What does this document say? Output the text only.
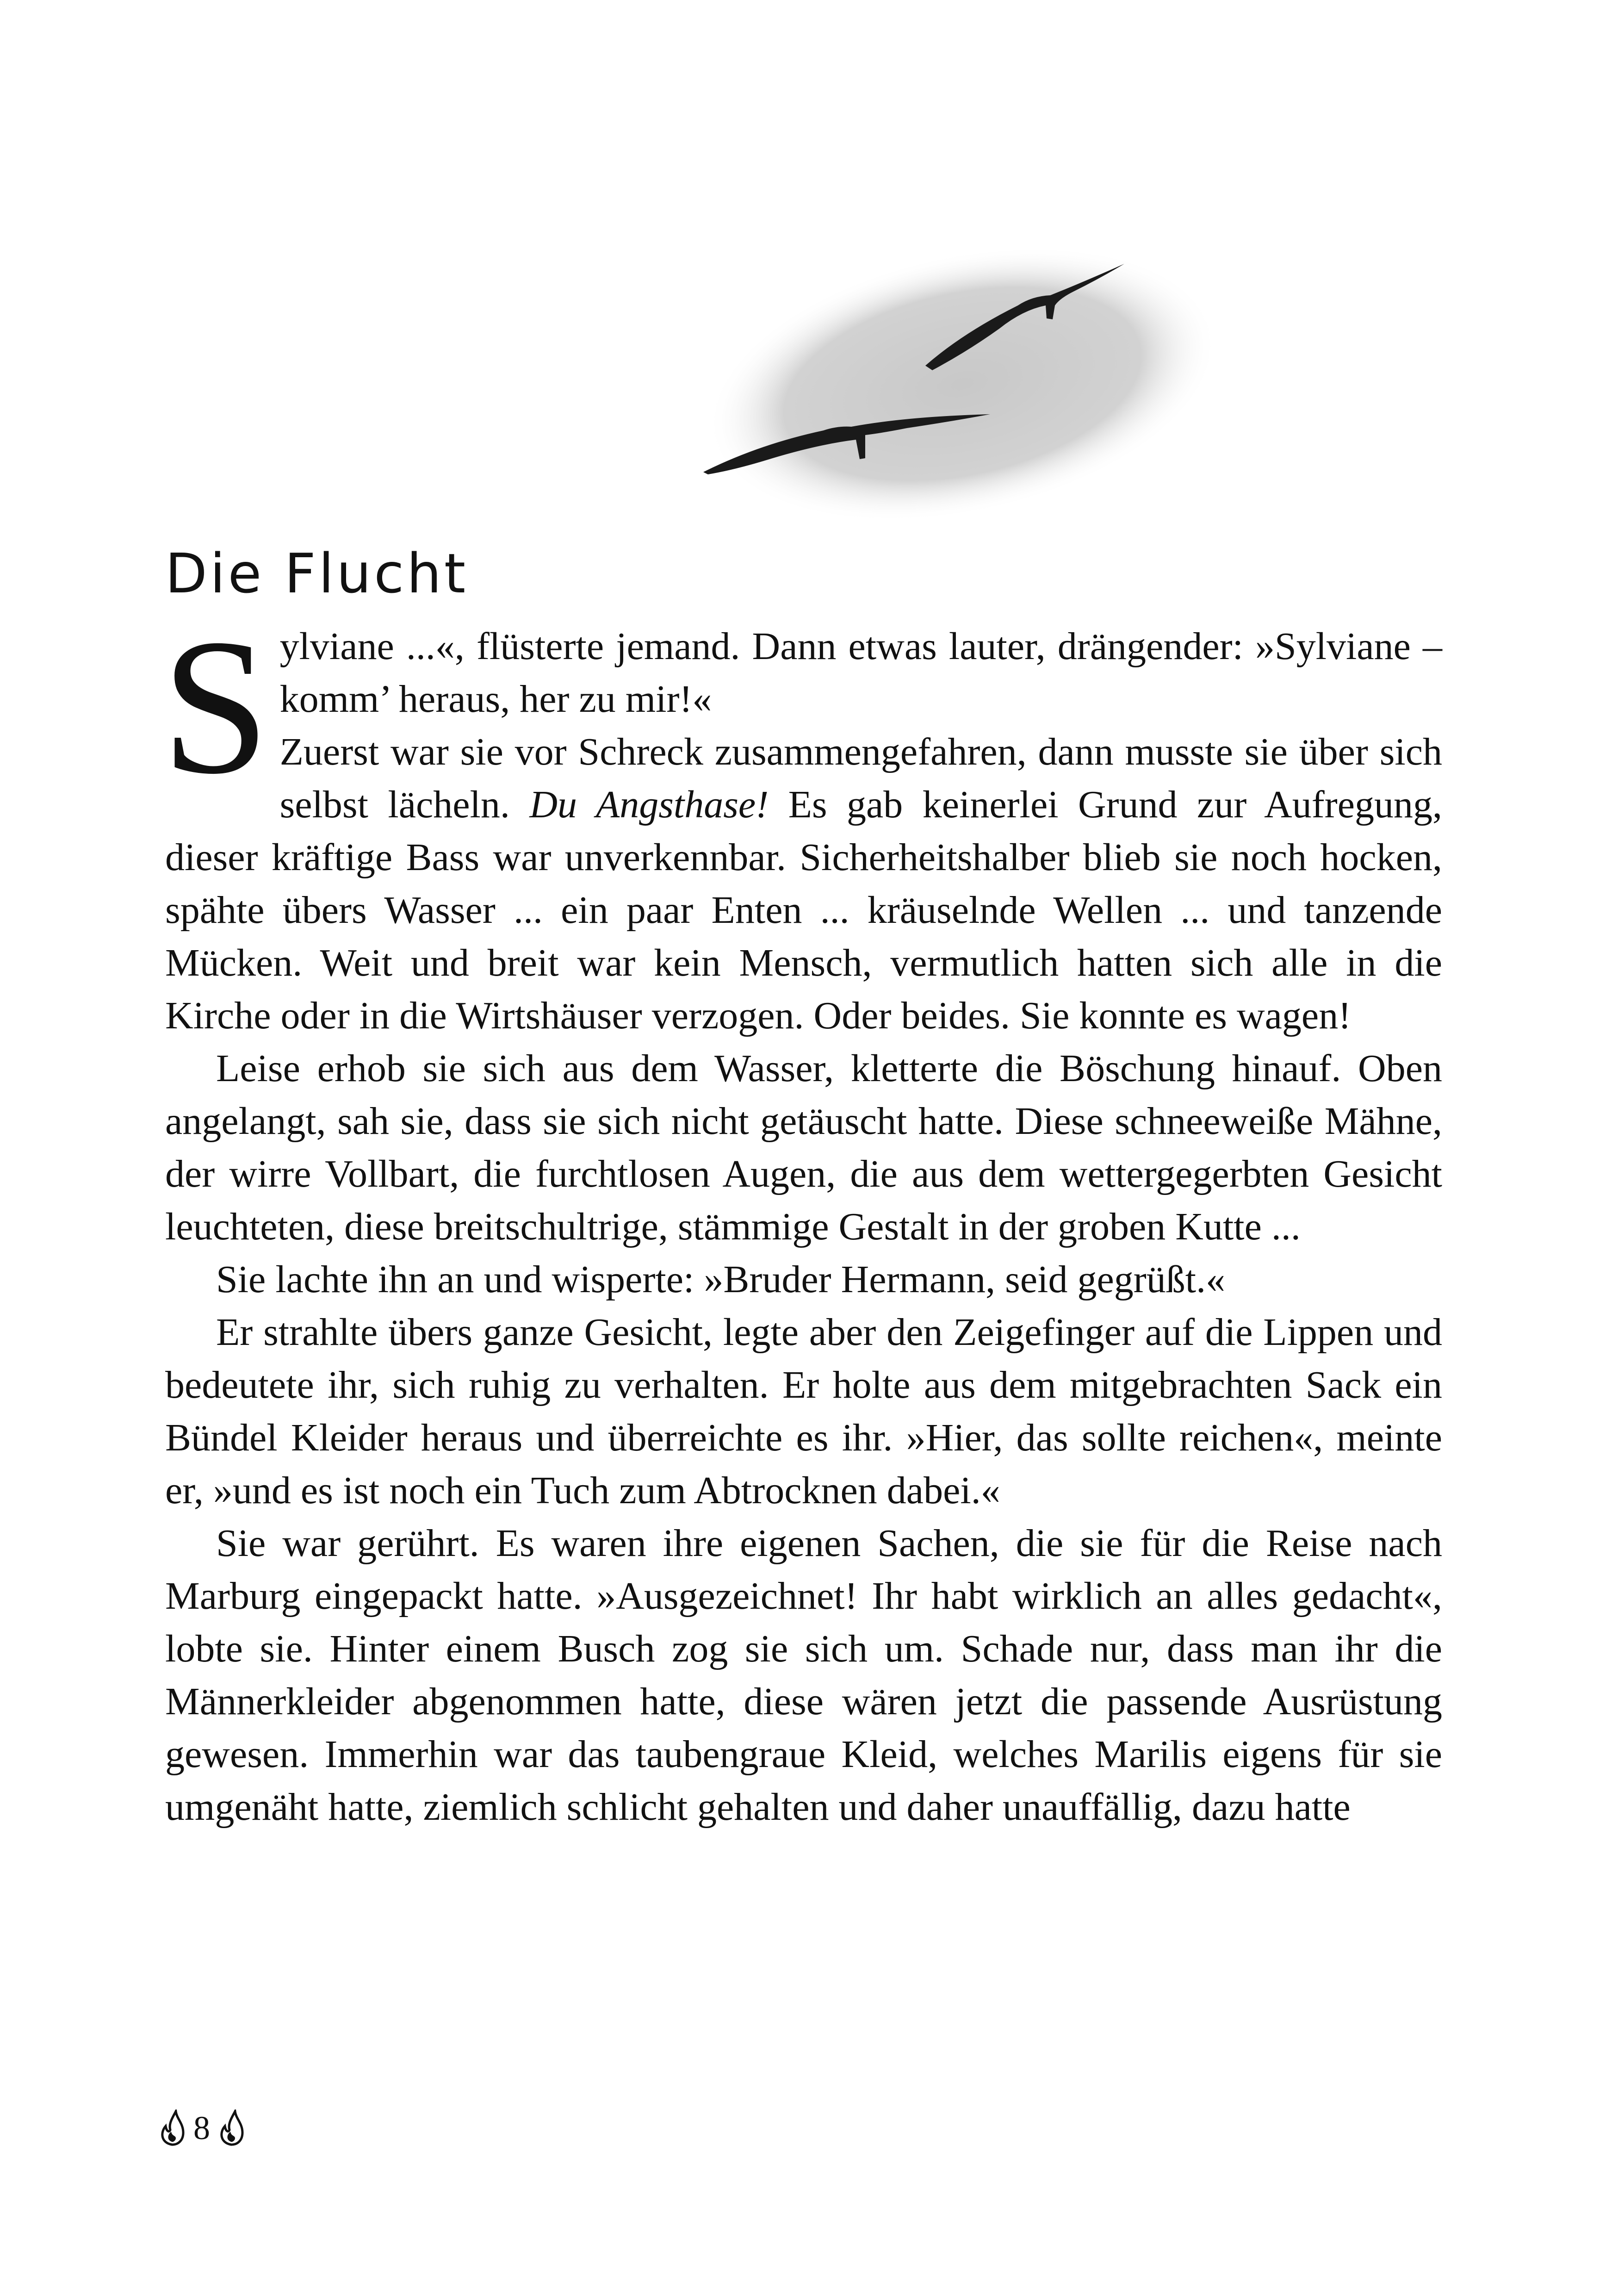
Die Flucht

Sylviane ...«, flüsterte jemand. Dann etwas lauter, drängender: »Sylviane – komm’ heraus, her zu mir!«

Zuerst war sie vor Schreck zusammengefahren, dann musste sie über sich selbst lächeln. Du Angsthase! Es gab keinerlei Grund zur Aufregung, dieser kräftige Bass war unverkennbar. Sicherheitshalber blieb sie noch hocken, spähte übers Wasser ... ein paar Enten ... kräuselnde Wellen ... und tanzende Mücken. Weit und breit war kein Mensch, vermutlich hatten sich alle in die Kirche oder in die Wirtshäuser verzogen. Oder beides. Sie konnte es wagen!

Leise erhob sie sich aus dem Wasser, kletterte die Böschung hinauf. Oben angelangt, sah sie, dass sie sich nicht getäuscht hatte. Diese schneeweiße Mähne, der wirre Vollbart, die furchtlosen Augen, die aus dem wettergegerbten Gesicht leuchteten, diese breitschultrige, stämmige Gestalt in der groben Kutte ...

Sie lachte ihn an und wisperte: »Bruder Hermann, seid gegrüßt.«

Er strahlte übers ganze Gesicht, legte aber den Zeigefinger auf die Lippen und bedeutete ihr, sich ruhig zu verhalten. Er holte aus dem mitgebrachten Sack ein Bündel Kleider heraus und überreichte es ihr. »Hier, das sollte reichen«, meinte er, »und es ist noch ein Tuch zum Abtrocknen dabei.«

Sie war gerührt. Es waren ihre eigenen Sachen, die sie für die Reise nach Marburg eingepackt hatte. »Ausgezeichnet! Ihr habt wirklich an alles gedacht«, lobte sie. Hinter einem Busch zog sie sich um. Schade nur, dass man ihr die Männerkleider abgenommen hatte, diese wären jetzt die passende Ausrüstung gewesen. Immerhin war das taubengraue Kleid, welches Marilis eigens für sie umgenäht hatte, ziemlich schlicht gehalten und daher unauffällig, dazu hatte

8
